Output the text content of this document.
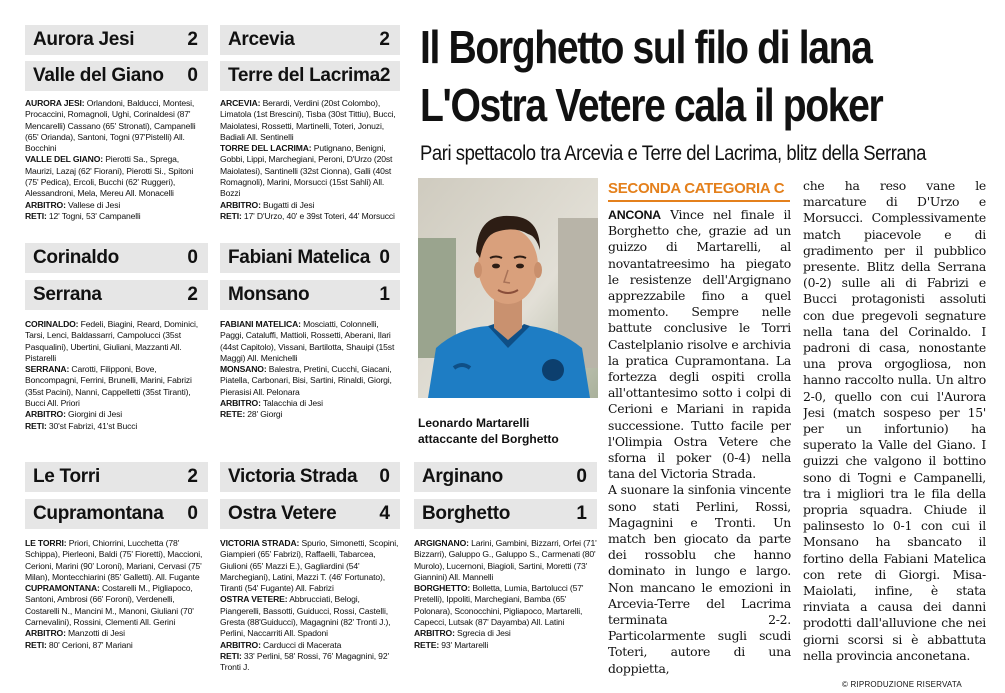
Aurora Jesi	2
Valle del Giano 0

AURORA JESI: Orlandoni, Balducci, Montesi, Procaccini, Romagnoli, Ughi, Corinaldesi (87' Mencarelli) Cassano (65' Stronati), Campanelli (65' Orianda), Santoni, Togni (97'Pistelli) All. Bocchini

VALLE DEL GIANO: Pierotti Sa., Sprega, Maurizi, Lazaj (62' Fiorani), Pierotti Si., Spitoni (75' Pedica), Ercoli, Bucchi (62' Ruggeri), Alessandroni, Mela, Mereu All. Monacelli

ARBITRO: Vallese di Jesi

RETI: 12' Togni, 53' Campanelli

Arcevia	2
Terre del Lacrima 2

ARCEVIA: Berardi, Verdini (20st Colombo), Limatola (1st Brescini), Tisba (30st Tittiu), Bucci, Maiolatesi, Rossetti, Martinelli, Toteri, Jonuzi, Badiali All. Sentinelli

TORRE DEL LACRIMA: Putignano, Benigni, Gobbi, Lippi, Marchegiani, Peroni, D'Urzo (20st Maiolatesi), Santinelli (32st Cionna), Galli (40st Romagnoli), Marini, Morsucci (15st Sahli) All. Bozzi

ARBITRO: Bugatti di Jesi

RETI: 17' D'Urzo, 40' e 39st Toteri, 44' Morsucci

Corinaldo	0
Serrana	2

CORINALDO: Fedeli, Biagini, Reard, Dominici, Tarsi, Lenci, Baldassarri, Campolucci (35st Pasqualini), Ubertini, Giuliani, Mazzanti All. Pistarelli

SERRANA: Carotti, Filipponi, Bove, Boncompagni, Ferrini, Brunelli, Marini, Fabrizi (35st Pacini), Nanni, Cappelletti (35st Tiranti), Bucci All. Priori

ARBITRO: Giorgini di Jesi

RETI: 30'st Fabrizi, 41'st Bucci

Fabiani Matelica 0
Monsano	1

FABIANI MATELICA: Mosciatti, Colonnelli, Paggi, Cataluffi, Mattioli, Rossetti, Aberani, Ilari (44st Capitolo), Vissani, Bartilotta, Shauipi (15st Maggi) All. Menichelli

MONSANO: Balestra, Pretini, Cucchi, Giacani, Piatella, Carbonari, Bisi, Sartini, Rinaldi, Giorgi, Pierasisi All. Pelonara

ARBITRO: Talacchia di Jesi

RETE: 28' Giorgi

Le Torri	2
Cupramontana 0

LE TORRI: Priori, Chiorrini, Lucchetta (78' Schippa), Pierleoni, Baldi (75' Fioretti), Maccioni, Cerioni, Marini (90' Loroni), Mariani, Cervasi (75' Milan), Montecchiarini (85' Galletti). All. Fugante

CUPRAMONTANA: Costarelli M., Pigliapoco, Santoni, Ambrosi (66' Foroni), Verdenelli, Costarelli N., Mancini M., Manoni, Giuliani (70' Carnevalini), Rossini, Clementi All. Gerini

ARBITRO: Manzotti di Jesi

RETI: 80' Cerioni, 87' Mariani

Victoria Strada 0
Ostra Vetere 4

VICTORIA STRADA: Spurio, Simonetti, Scopini, Giampieri (65' Fabrizi), Raffaelli, Tabarcea, Giulioni (65' Mazzi E.), Gagliardini (54' Marchegiani), Latini, Mazzi T. (46' Fortunato), Tiranti (54' Fugante) All. Fabrizi

OSTRA VETERE: Abbrucciati, Belogi, Piangerelli, Bassotti, Guiducci, Rossi, Castelli, Gresta (88'Guiducci), Magagnini (82' Tronti J.), Perlini, Naccarriti All. Spadoni

ARBITRO: Carducci di Macerata

RETI: 33' Perlini, 58' Rossi, 76' Magagnini, 92' Tronti J.

Arginano	0
Borghetto	1

ARGIGNANO: Larini, Gambini, Bizzarri, Orfei (71' Bizzarri), Galuppo G., Galuppo S., Carmenati (80' Murolo), Lucernoni, Biagioli, Sartini, Moretti (73' Giannini) All. Mannelli

BORGHETTO: Bolletta, Lumia, Bartolucci (57' Pretelli), Ippoliti, Marchegiani, Bamba (65' Polonara), Sconocchini, Pigliapoco, Martarelli, Capecci, Lutsak (87' Dayamba) All. Latini

ARBITRO: Sgrecia di Jesi

RETE: 93' Martarelli

Il Borghetto sul filo di lana
L'Ostra Vetere cala il poker
Pari spettacolo tra Arcevia e Terre del Lacrima, blitz della Serrana
Leonardo Martarelli
attaccante del Borghetto
SECONDA CATEGORIA C

ANCONA Vince nel finale il Borghetto che, grazie ad un guizzo di Martarelli, al novantatreesimo ha piegato le resistenze dell'Argignano apprezzabile fino a quel momento. Sempre nelle battute conclusive le Torri Castelplanio risolve e archivia la pratica Cupramontana. La fortezza degli ospiti crolla all'ottantesimo sotto i colpi di Cerioni e Mariani in rapida successione. Tutto facile per l'Olimpia Ostra Vetere che sforna il poker (0-4) nella tana del Victoria Strada.

A suonare la sinfonia vincente sono stati Perlini, Rossi, Magagnini e Tronti. Un match ben giocato da parte dei rossoblu che hanno dominato in lungo e largo. Non mancano le emozioni in Arcevia-Terre del Lacrima terminata 2-2. Particolarmente sugli scudi Toteri, autore di una doppietta,

che ha reso vane le marcature di D'Urzo e Morsucci. Complessivamente match piacevole e di gradimento per il pubblico presente. Blitz della Serrana (0-2) sulle ali di Fabrizi e Bucci protagonisti assoluti con due pregevoli segnature nella tana del Corinaldo. I padroni di casa, nonostante una prova orgogliosa, non hanno raccolto nulla. Un altro 2-0, quello con cui l'Aurora Jesi (match sospeso per 15' per un infortunio) ha superato la Valle del Giano. I guizzi che valgono il bottino sono di Togni e Campanelli, tra i migliori tra le fila della propria squadra. Chiude il palinsesto lo 0-1 con cui il Monsano ha sbancato il fortino della Fabiani Matelica con rete di Giorgi. Misa-Maiolati, infine, è stata rinviata a causa dei danni prodotti dall'alluvione che nei giorni scorsi si è abbattuta nella provincia anconetana.

© RIPRODUZIONE RISERVATA
